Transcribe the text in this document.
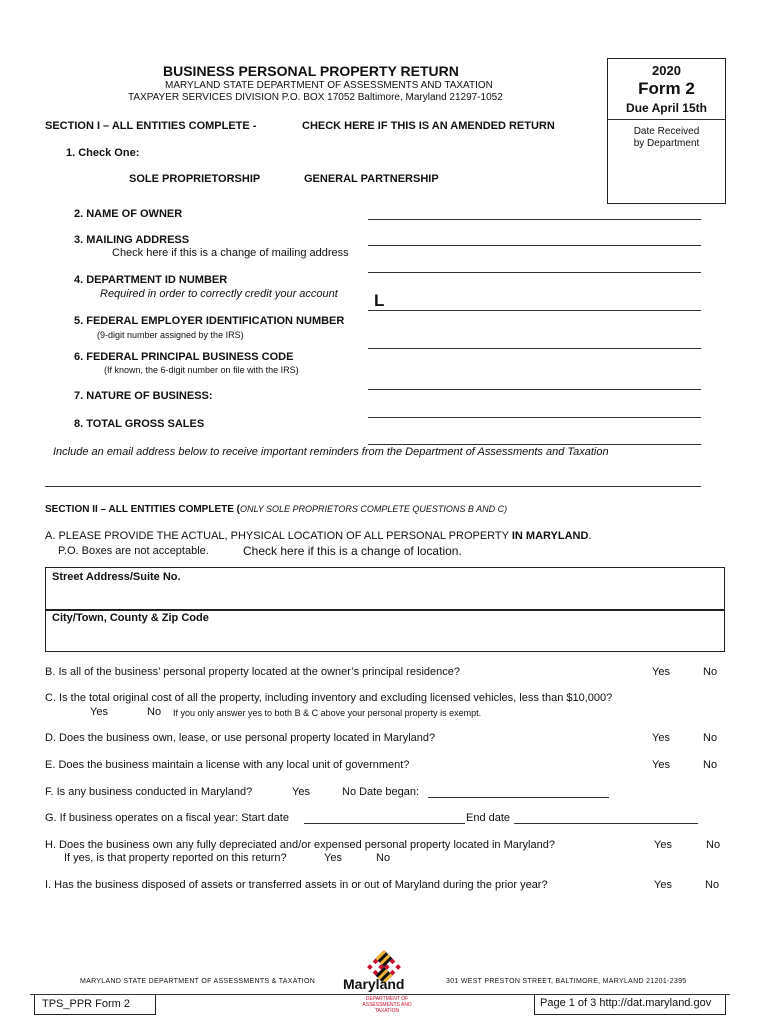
BUSINESS PERSONAL PROPERTY RETURN
MARYLAND STATE DEPARTMENT OF ASSESSMENTS AND TAXATION
TAXPAYER SERVICES DIVISION P.O. BOX 17052 Baltimore, Maryland 21297-1052
2020
Form 2
Due April 15th
Date Received
by Department
SECTION I – ALL ENTITIES COMPLETE -	CHECK HERE IF THIS IS AN AMENDED RETURN
1. Check One:
SOLE PROPRIETORSHIP	GENERAL PARTNERSHIP
2. NAME OF OWNER
3. MAILING ADDRESS
Check here if this is a change of mailing address
4. DEPARTMENT ID NUMBER
Required in order to correctly credit your account L
5. FEDERAL EMPLOYER IDENTIFICATION NUMBER
(9-digit number assigned by the IRS)
6. FEDERAL PRINCIPAL BUSINESS CODE
(If known, the 6-digit number on file with the IRS)
7. NATURE OF BUSINESS:
8. TOTAL GROSS SALES
Include an email address below to receive important reminders from the Department of Assessments and Taxation
SECTION II – ALL ENTITIES COMPLETE (ONLY SOLE PROPRIETORS COMPLETE QUESTIONS B AND C)
A. PLEASE PROVIDE THE ACTUAL, PHYSICAL LOCATION OF ALL PERSONAL PROPERTY IN MARYLAND.
P.O. Boxes are not acceptable.	Check here if this is a change of location.
Street Address/Suite No.
City/Town, County & Zip Code
B. Is all of the business’ personal property located at the owner’s principal residence?	Yes	No
C. Is the total original cost of all the property, including inventory and excluding licensed vehicles, less than $10,000?
Yes	No If you only answer yes to both B & C above your personal property is exempt.
D. Does the business own, lease, or use personal property located in Maryland?	Yes	No
E. Does the business maintain a license with any local unit of government?	Yes	No
F. Is any business conducted in Maryland?	Yes	No Date began:
G. If business operates on a fiscal year: Start date	End date
H. Does the business own any fully depreciated and/or expensed personal property located in Maryland?	Yes	No
If yes, is that property reported on this return?	Yes	No
I. Has the business disposed of assets or transferred assets in or out of Maryland during the prior year?	Yes	No
MARYLAND STATE DEPARTMENT OF ASSESSMENTS & TAXATION	301 WEST PRESTON STREET, BALTIMORE, MARYLAND 21201-2395
Maryland
DEPARTMENT OF ASSESSMENTS AND TAXATION
TPS_PPR Form 2	Page 1 of 3 http://dat.maryland.gov
